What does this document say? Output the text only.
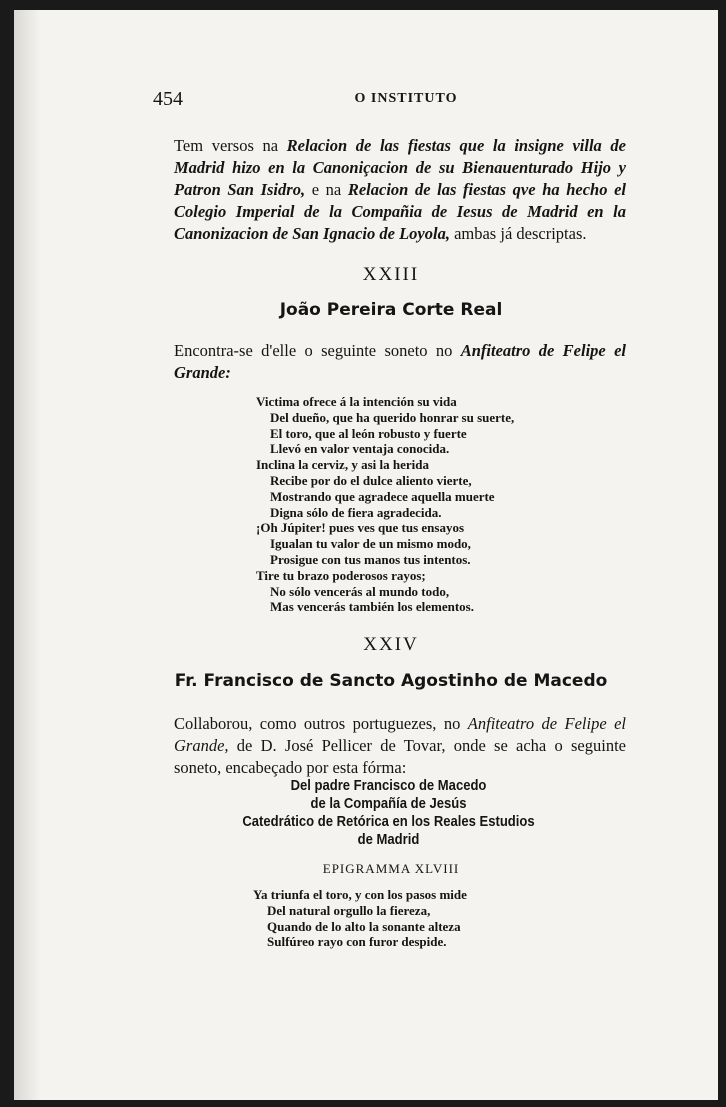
454	O INSTITUTO
Tem versos na Relacion de las fiestas que la insigne villa de Madrid hizo en la Canoniçacion de su Bienauenturado Hijo y Patron San Isidro, e na Relacion de las fiestas qve ha hecho el Colegio Imperial de la Compañia de Iesus de Madrid en la Canonizacion de San Ignacio de Loyola, ambas já descriptas.
XXIII
João Pereira Corte Real
Encontra-se d'elle o seguinte soneto no Anfiteatro de Felipe el Grande:
Victima ofrece á la intención su vida
Del dueño, que ha querido honrar su suerte,
El toro, que al león robusto y fuerte
Llevó en valor ventaja conocida.
Inclina la cerviz, y asi la herida
Recibe por do el dulce aliento vierte,
Mostrando que agradece aquella muerte
Digna sólo de fiera agradecida.
¡Oh Júpiter! pues ves que tus ensayos
Igualan tu valor de un mismo modo,
Prosigue con tus manos tus intentos.
Tire tu brazo poderosos rayos;
No sólo vencerás al mundo todo,
Mas vencerás también los elementos.
XXIV
Fr. Francisco de Sancto Agostinho de Macedo
Collaborou, como outros portuguezes, no Anfiteatro de Felipe el Grande, de D. José Pellicer de Tovar, onde se acha o seguinte soneto, encabeçado por esta fórma:
Del padre Francisco de Macedo
de la Compañía de Jesús
Catedrático de Retórica en los Reales Estudios
de Madrid
EPIGRAMMA XLVIII
Ya triunfa el toro, y con los pasos mide
Del natural orgullo la fiereza,
Quando de lo alto la sonante alteza
Sulfúreo rayo con furor despide.
